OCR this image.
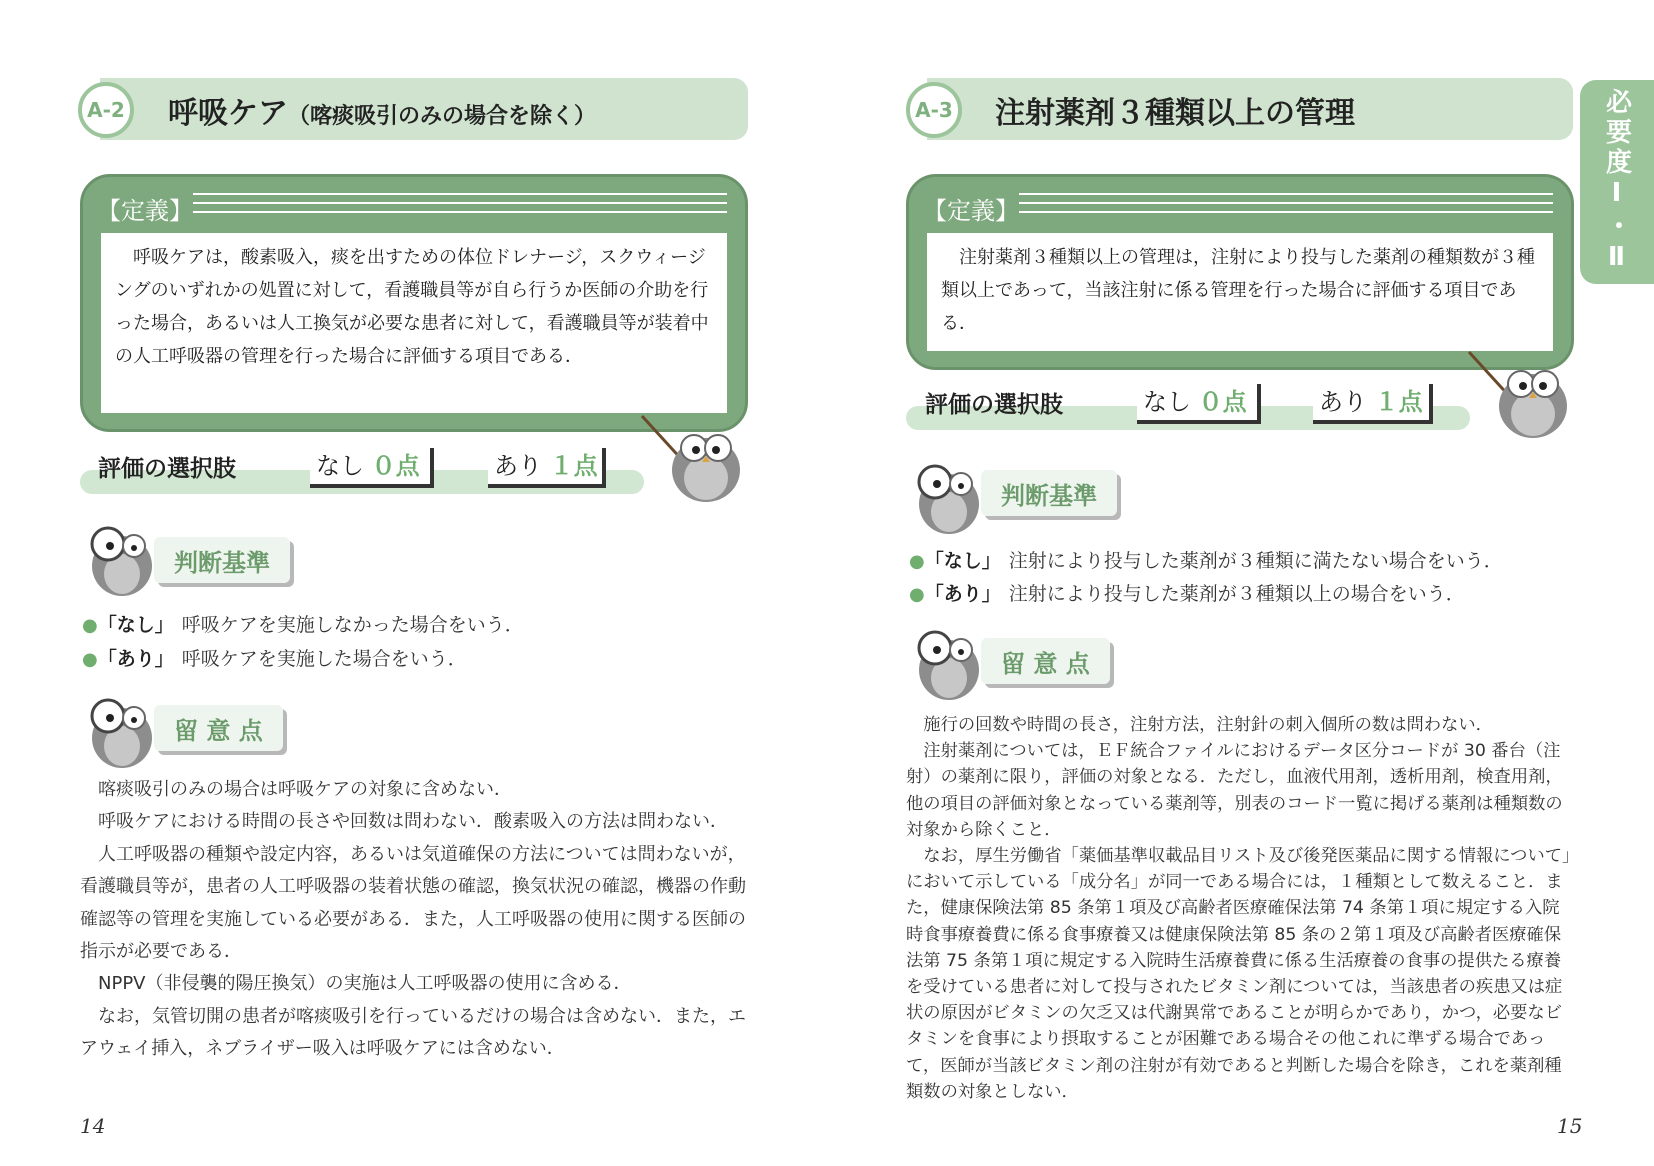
A-2	呼吸ケア（喀痰吸引のみの場合を除く）
【定義】
呼吸ケアは，酸素吸入，痰を出すための体位ドレナージ，スクウィージングのいずれかの処置に対して，看護職員等が自ら行うか医師の介助を行った場合，あるいは人工換気が必要な患者に対して，看護職員等が装着中の人工呼吸器の管理を行った場合に評価する項目である．
評価の選択肢	なし ０点	あり １点
判断基準
●「なし」 呼吸ケアを実施しなかった場合をいう．
●「あり」 呼吸ケアを実施した場合をいう．
留 意 点

喀痰吸引のみの場合は呼吸ケアの対象に含めない．

呼吸ケアにおける時間の長さや回数は問わない．酸素吸入の方法は問わない．

人工呼吸器の種類や設定内容，あるいは気道確保の方法については問わないが，看護職員等が，患者の人工呼吸器の装着状態の確認，換気状況の確認，機器の作動確認等の管理を実施している必要がある．また，人工呼吸器の使用に関する医師の指示が必要である．

NPPV（非侵襲的陽圧換気）の実施は人工呼吸器の使用に含める．

なお，気管切開の患者が喀痰吸引を行っているだけの場合は含めない．また，エアウェイ挿入，ネブライザー吸入は呼吸ケアには含めない．

14
A-3	注射薬剤３種類以上の管理
【定義】
注射薬剤３種類以上の管理は，注射により投与した薬剤の種類数が３種類以上であって，当該注射に係る管理を行った場合に評価する項目である．
評価の選択肢	なし ０点	あり １点
判断基準
●「なし」 注射により投与した薬剤が３種類に満たない場合をいう．
●「あり」 注射により投与した薬剤が３種類以上の場合をいう．
留 意 点

施行の回数や時間の長さ，注射方法，注射針の刺入個所の数は問わない．

注射薬剤については，ＥＦ統合ファイルにおけるデータ区分コードが 30 番台（注射）の薬剤に限り，評価の対象となる．ただし，血液代用剤，透析用剤，検査用剤，他の項目の評価対象となっている薬剤等，別表のコード一覧に掲げる薬剤は種類数の対象から除くこと．

なお，厚生労働省「薬価基準収載品目リスト及び後発医薬品に関する情報について」において示している「成分名」が同一である場合には，１種類として数えること．また，健康保険法第 85 条第１項及び高齢者医療確保法第 74 条第１項に規定する入院時食事療養費に係る食事療養又は健康保険法第 85 条の２第１項及び高齢者医療確保法第 75 条第１項に規定する入院時生活療養費に係る生活療養の食事の提供たる療養を受けている患者に対して投与されたビタミン剤については，当該患者の疾患又は症状の原因がビタミンの欠乏又は代謝異常であることが明らかであり，かつ，必要なビタミンを食事により摂取することが困難である場合その他これに準ずる場合であって，医師が当該ビタミン剤の注射が有効であると判断した場合を除き，これを薬剤種類数の対象としない．

15
必要度Ⅰ・Ⅱ
